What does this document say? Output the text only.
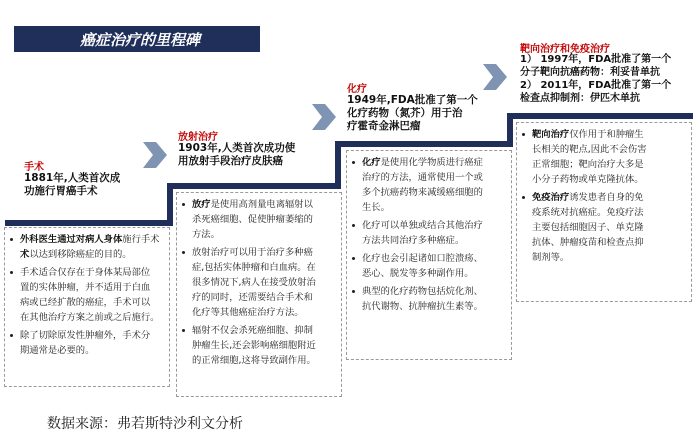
癌症治疗的里程碑
手术
1881年,人类首次成
功施行胃癌手术
放射治疗
1903年,人类首次成功使
用放射手段治疗皮肤癌
化疗
1949年,FDA批准了第一个
化疗药物（氮芥）用于治
疗霍奇金淋巴瘤
靶向治疗和免疫治疗
1） 1997年，FDA批准了第一个
分子靶向抗癌药物：利妥昔单抗
2） 2011年，FDA批准了第一个
检查点抑制剂：伊匹木单抗
外科医生通过对病人身体施行手术
术以达到移除癌症的目的。
手术适合仅存在于身体某局部位
置的实体肿瘤，并不适用于白血
病或已经扩散的癌症，手术可以
在其他治疗方案之前或之后施行。
除了切除原发性肿瘤外，手术分
期通常是必要的。
放疗是使用高剂量电离辐射以
杀死癌细胞、促使肿瘤萎缩的
方法。
放射治疗可以用于治疗多种癌
症,包括实体肿瘤和白血病。在
很多情况下,病人在接受放射治
疗的同时，还需要结合手术和
化疗等其他癌症治疗方法。
辐射不仅会杀死癌细胞、抑制
肿瘤生长,还会影响癌细胞附近
的正常细胞,这将导致副作用。
化疗是使用化学物质进行癌症
治疗的方法，通常使用一个或
多个抗癌药物来减缓癌细胞的
生长。
化疗可以单独或结合其他治疗
方法共同治疗多种癌症。
化疗也会引起诸如口腔溃疡、
恶心、脱发等多种副作用。
典型的化疗药物包括烷化剂、
抗代谢物、抗肿瘤抗生素等。
靶向治疗仅作用于和肿瘤生
长相关的靶点,因此不会伤害
正常细胞；靶向治疗大多是
小分子药物或单克隆抗体。
免疫治疗诱发患者自身的免
疫系统对抗癌症。免疫疗法
主要包括细胞因子、单克隆
抗体、肿瘤疫苗和检查点抑
制剂等。
数据来源：弗若斯特沙利文分析
